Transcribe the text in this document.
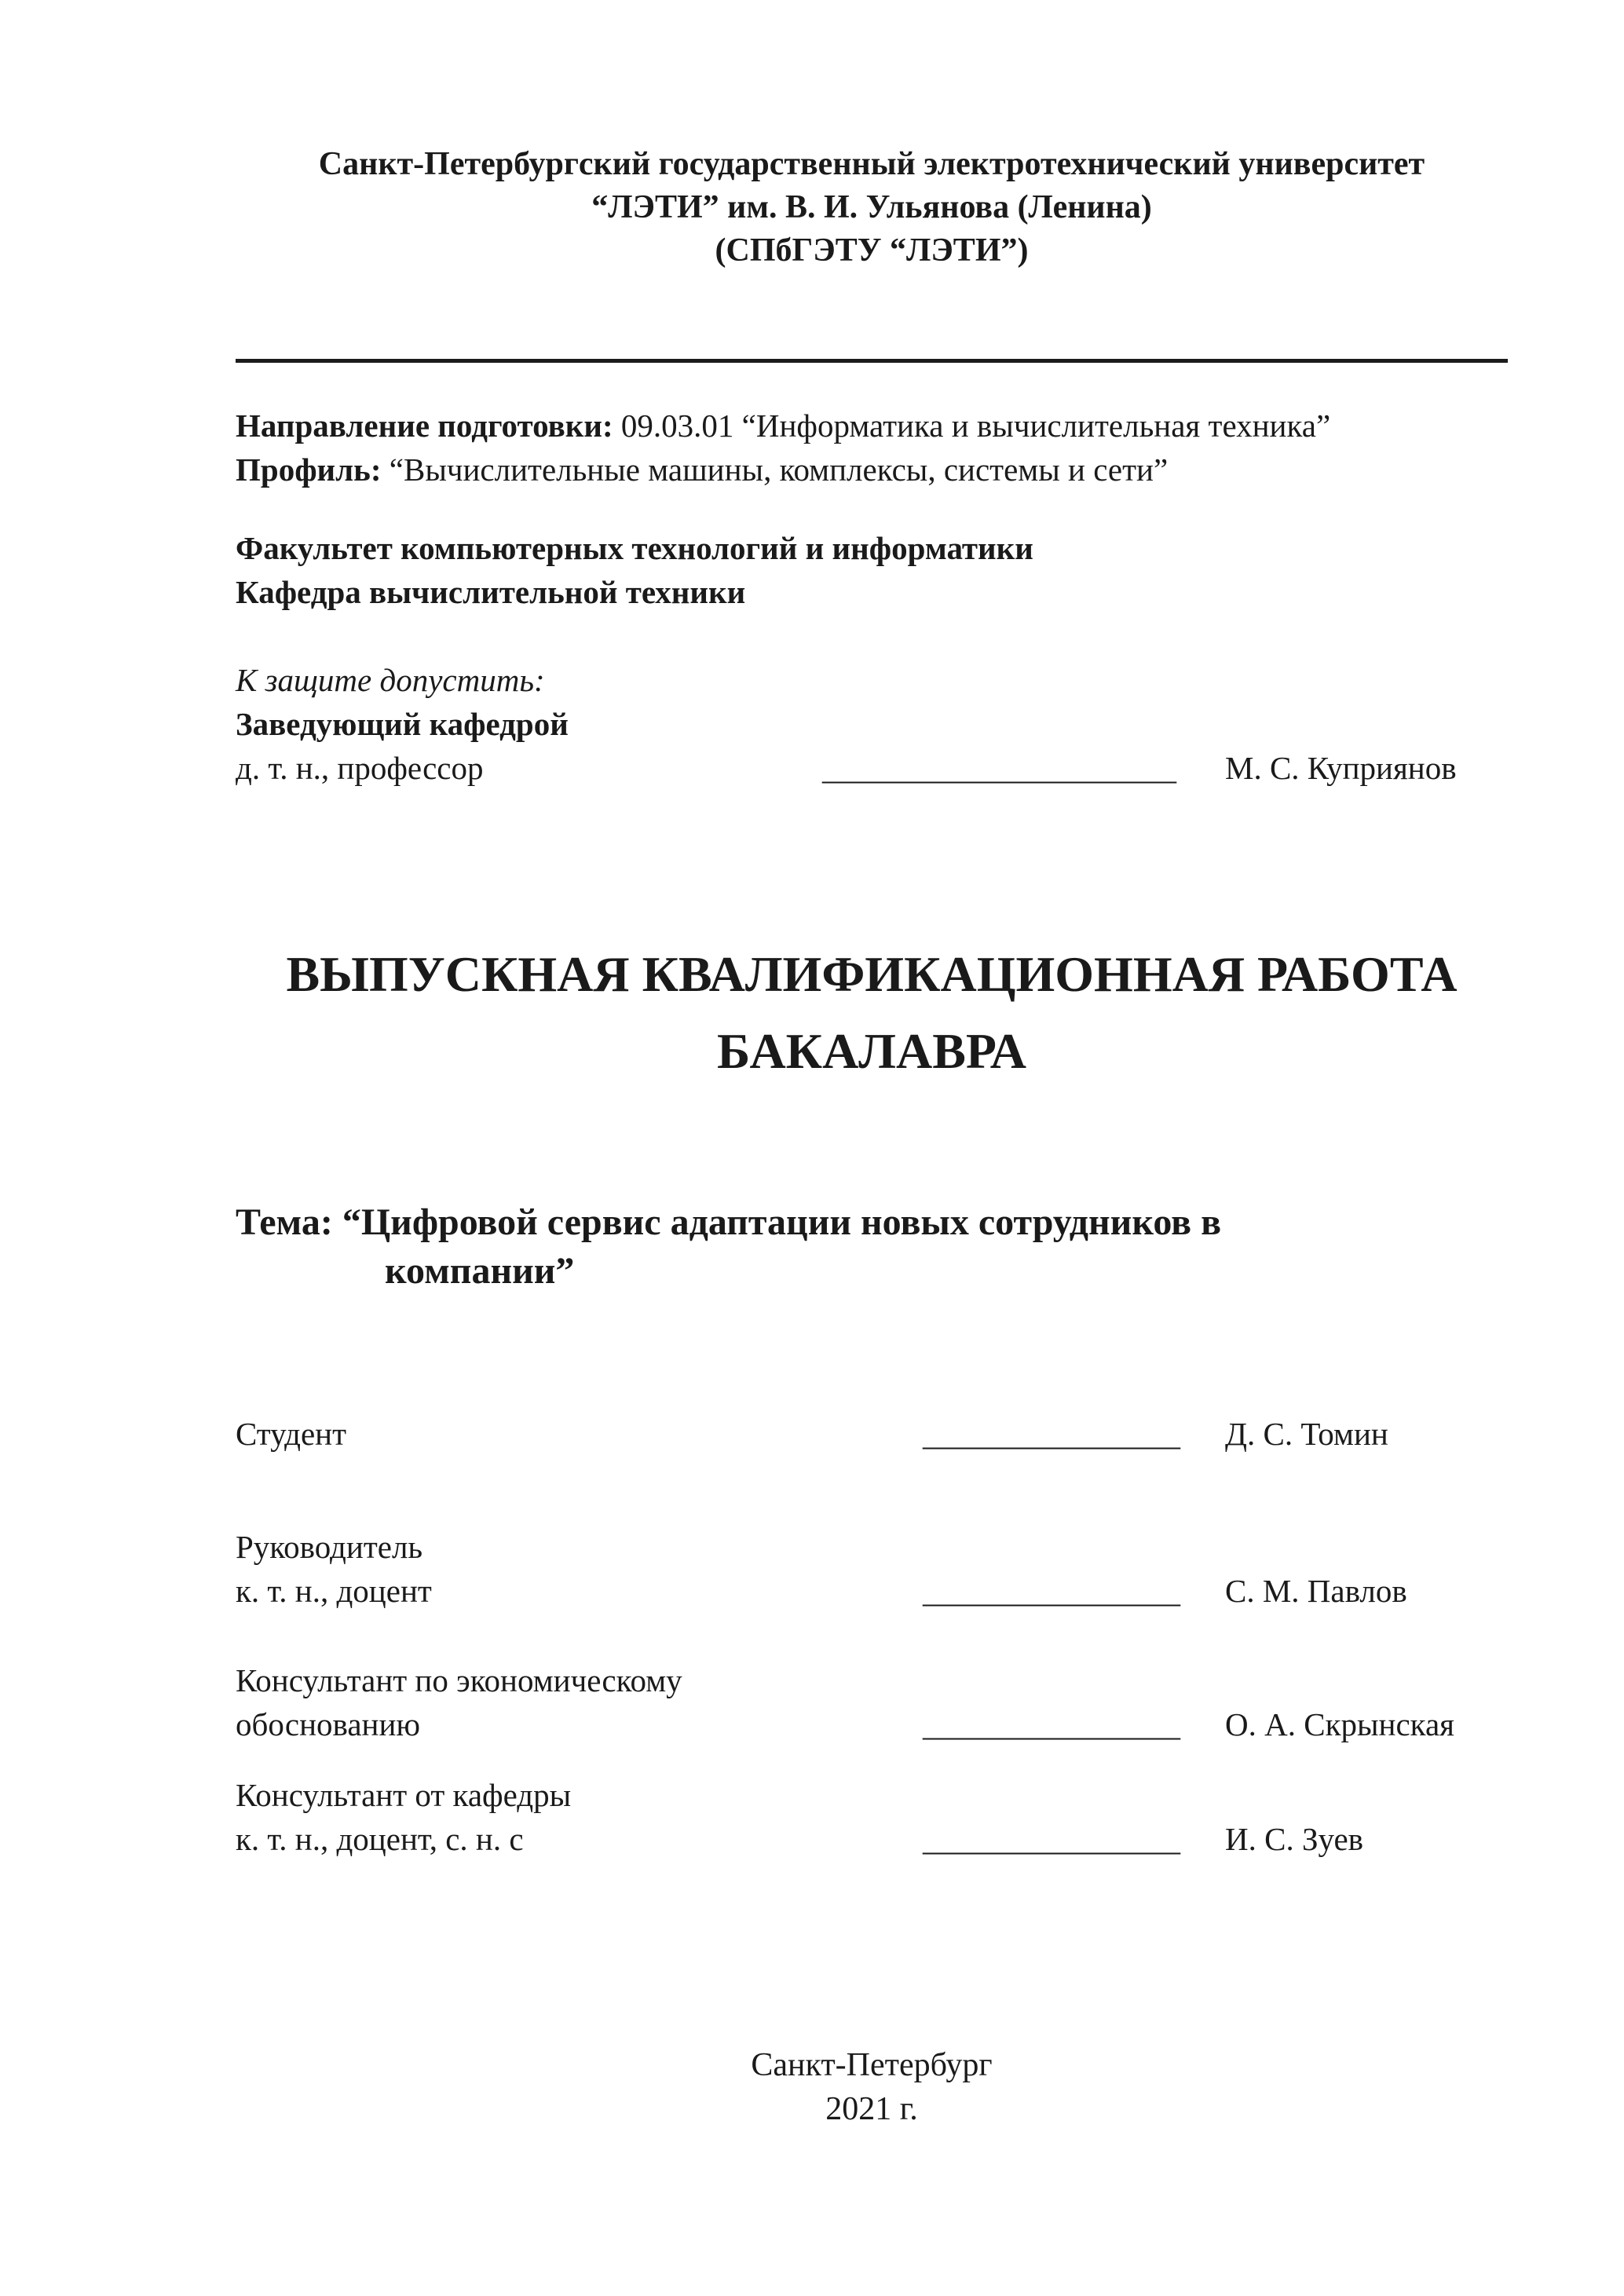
Санкт-Петербургский государственный электротехнический университет
“ЛЭТИ” им. В. И. Ульянова (Ленина)
(СПбГЭТУ “ЛЭТИ”)
Направление подготовки: 09.03.01 “Информатика и вычислительная техника”
Профиль: “Вычислительные машины, комплексы, системы и сети”
Факультет компьютерных технологий и информатики
Кафедра вычислительной техники
К защите допустить:
Заведующий кафедрой
д. т. н., профессор	______________________ М. С. Куприянов
ВЫПУСКНАЯ КВАЛИФИКАЦИОННАЯ РАБОТА
БАКАЛАВРА
Тема: “Цифровой сервис адаптации новых сотрудников в
компании”
Студент	________________ Д. С. Томин
Руководитель
к. т. н., доцент	________________ С. М. Павлов
Консультант по экономическому
обоснованию	________________ О. А. Скрынская
Консультант от кафедры
к. т. н., доцент, с. н. с	________________ И. С. Зуев
Санкт-Петербург
2021 г.
